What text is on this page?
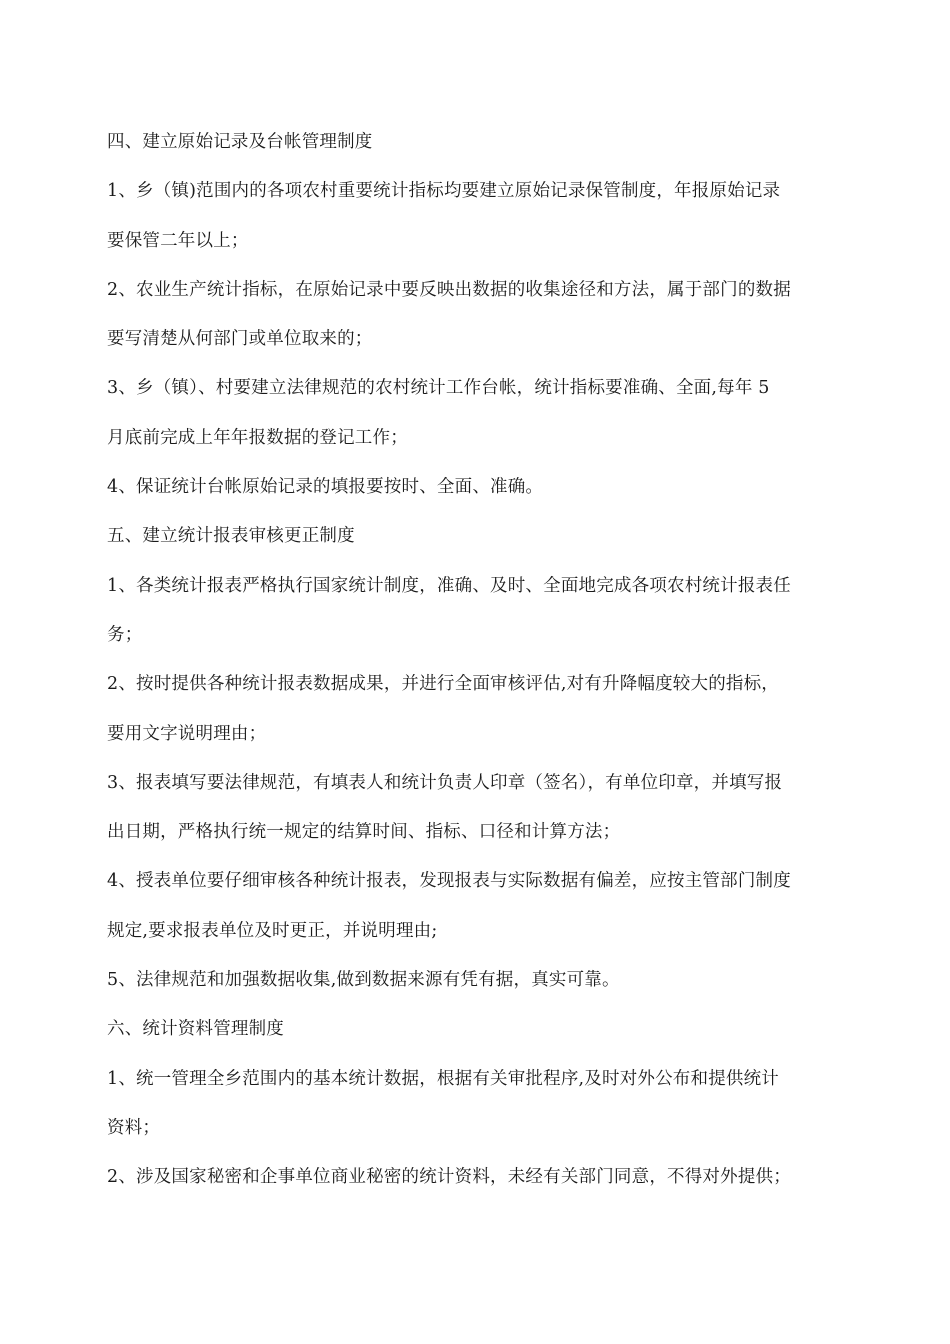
四、建立原始记录及台帐管理制度
1、乡（镇)范围内的各项农村重要统计指标均要建立原始记录保管制度，年报原始记录
要保管二年以上；
2、农业生产统计指标，在原始记录中要反映出数据的收集途径和方法，属于部门的数据
要写清楚从何部门或单位取来的；
3、乡（镇）、村要建立法律规范的农村统计工作台帐，统计指标要准确、全面,每年 5
月底前完成上年年报数据的登记工作；
4、保证统计台帐原始记录的填报要按时、全面、准确。
五、建立统计报表审核更正制度
1、各类统计报表严格执行国家统计制度，准确、及时、全面地完成各项农村统计报表任
务；
2、按时提供各种统计报表数据成果，并进行全面审核评估,对有升降幅度较大的指标，
要用文字说明理由；
3、报表填写要法律规范，有填表人和统计负责人印章（签名），有单位印章，并填写报
出日期，严格执行统一规定的结算时间、指标、口径和计算方法；
4、授表单位要仔细审核各种统计报表，发现报表与实际数据有偏差，应按主管部门制度
规定,要求报表单位及时更正，并说明理由;
5、法律规范和加强数据收集,做到数据来源有凭有据，真实可靠。
六、统计资料管理制度
1、统一管理全乡范围内的基本统计数据，根据有关审批程序,及时对外公布和提供统计
资料；
2、涉及国家秘密和企事单位商业秘密的统计资料，未经有关部门同意，不得对外提供；
